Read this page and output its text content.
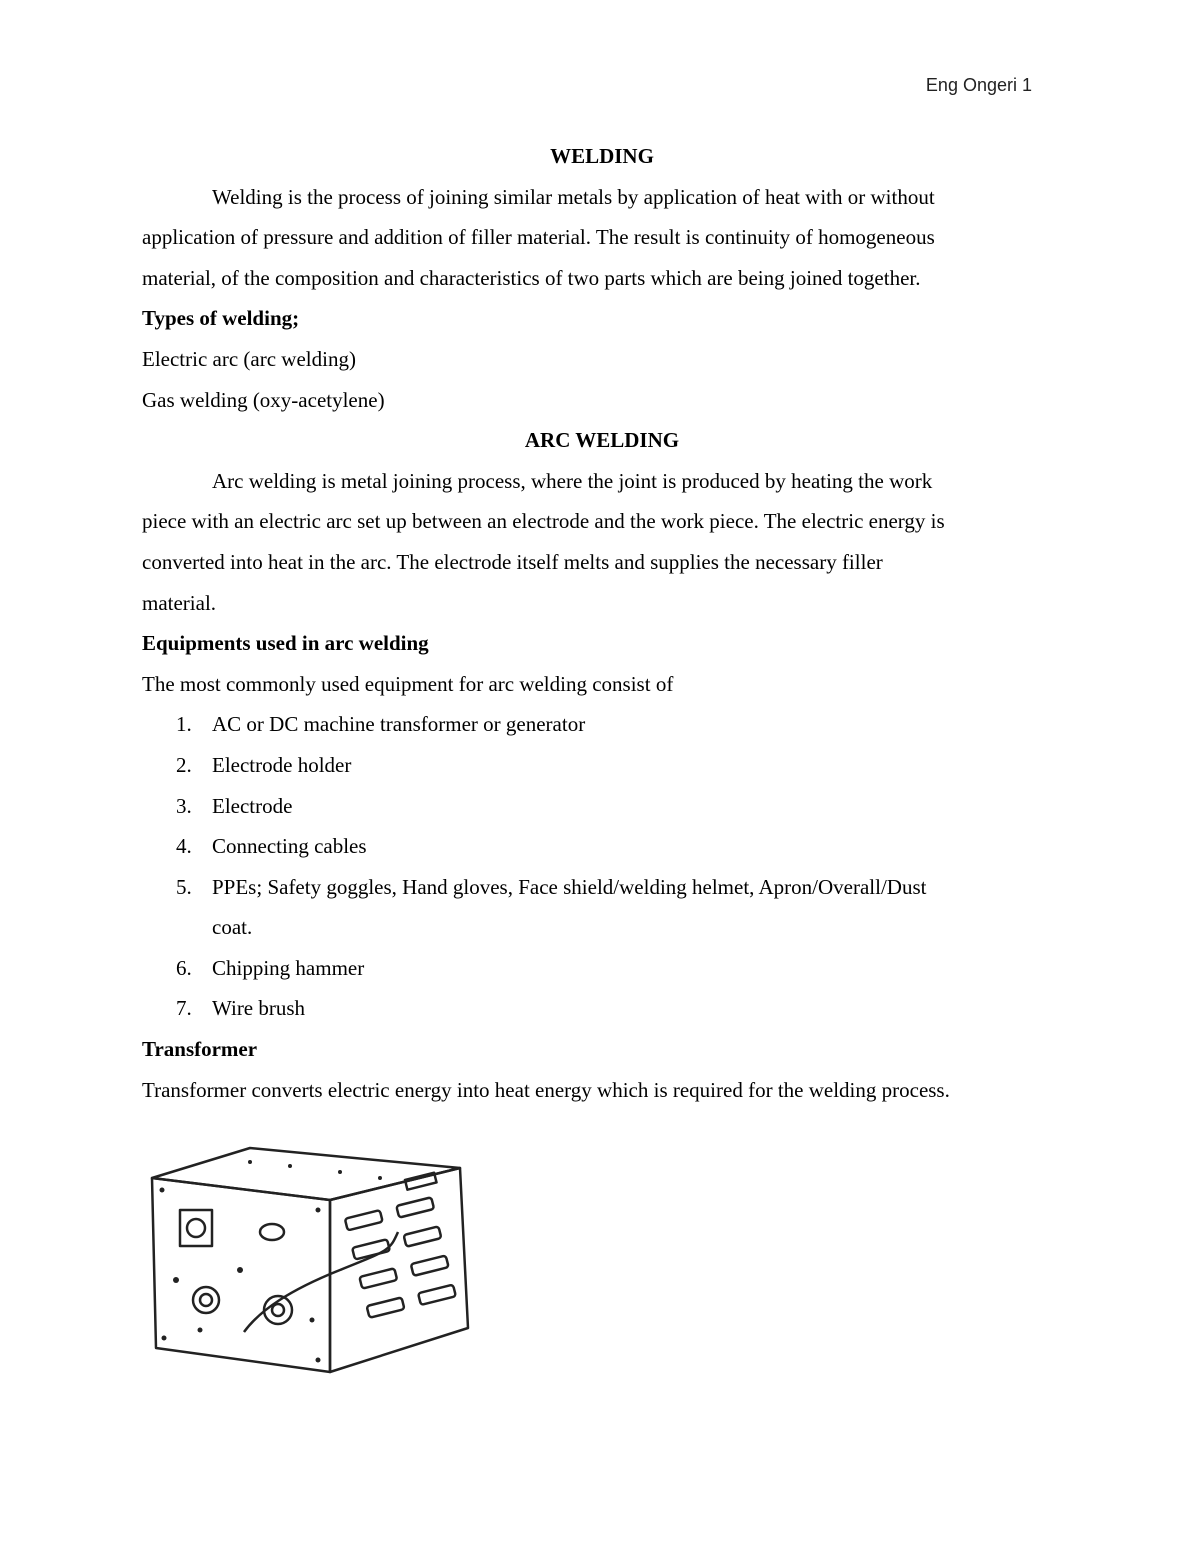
Eng Ongeri 1
WELDING
Welding is the process of joining similar metals by application of heat with or without
application of pressure and addition of filler material. The result is continuity of homogeneous
material, of the composition and characteristics of two parts which are being joined together.
Types of welding;
Electric arc (arc welding)
Gas welding (oxy-acetylene)
ARC WELDING
Arc welding is metal joining process, where the joint is produced by heating the work
piece with an electric arc set up between an electrode and the work piece. The electric energy is
converted into heat in the arc. The electrode itself melts and supplies the necessary filler
material.
Equipments used in arc welding
The most commonly used equipment for arc welding consist of
1. AC or DC machine transformer or generator
2. Electrode holder
3. Electrode
4. Connecting cables
5. PPEs; Safety goggles, Hand gloves, Face shield/welding helmet, Apron/Overall/Dust
coat.
6. Chipping hammer
7. Wire brush
Transformer
Transformer converts electric energy into heat energy which is required for the welding process.
